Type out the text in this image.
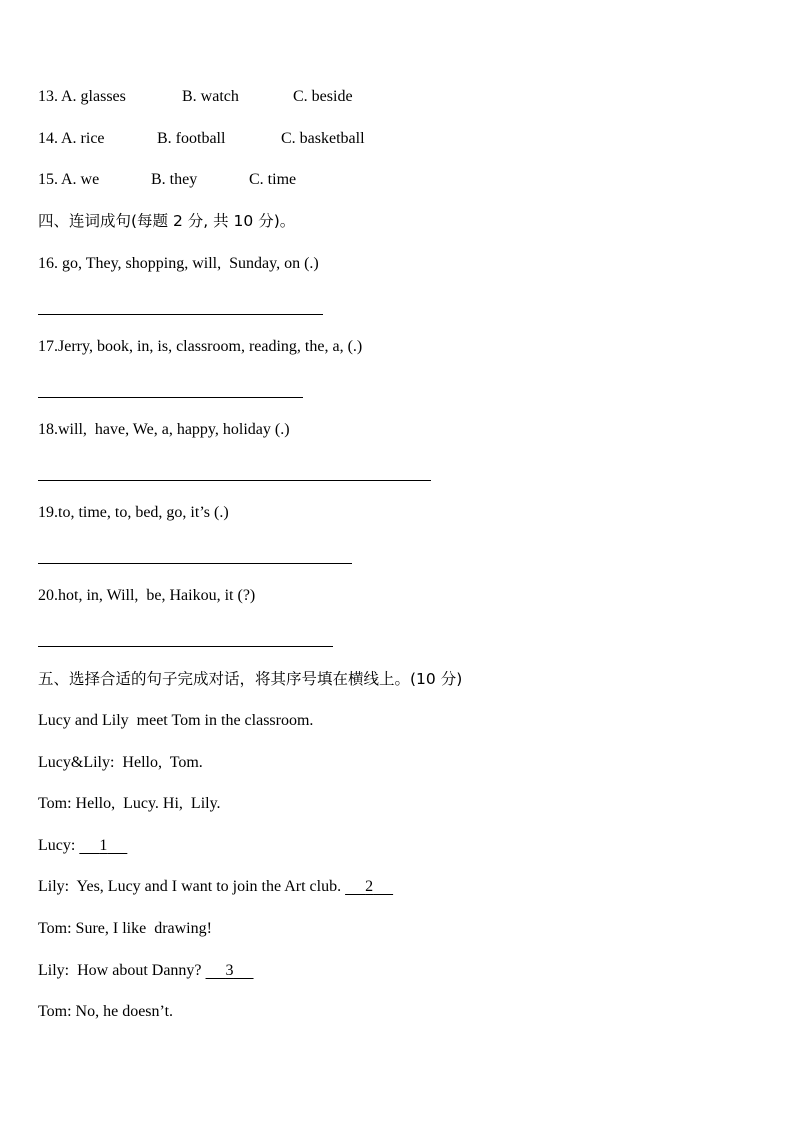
13. A. glasses	B. watch	C. beside
14. A. rice	B. football	C. basketball
15. A. we	B. they	C. time
四、连词成句(每题 2 分, 共 10 分)。
16. go, They, shopping, will,  Sunday, on (.)
17.Jerry, book, in, is, classroom, reading, the, a, (.)
18.will,  have, We, a, happy, holiday (.)
19.to, time, to, bed, go, it’s (.)
20.hot, in, Will,  be, Haikou, it (?)
五、选择合适的句子完成对话，将其序号填在横线上。(10 分)
Lucy and Lily  meet Tom in the classroom.
Lucy&Lily:  Hello,  Tom.
Tom: Hello,  Lucy. Hi,  Lily.
Lucy:      1
Lily:  Yes, Lucy and I want to join the Art club.      2
Tom: Sure, I like  drawing!
Lily:  How about Danny?      3
Tom: No, he doesn’t.
